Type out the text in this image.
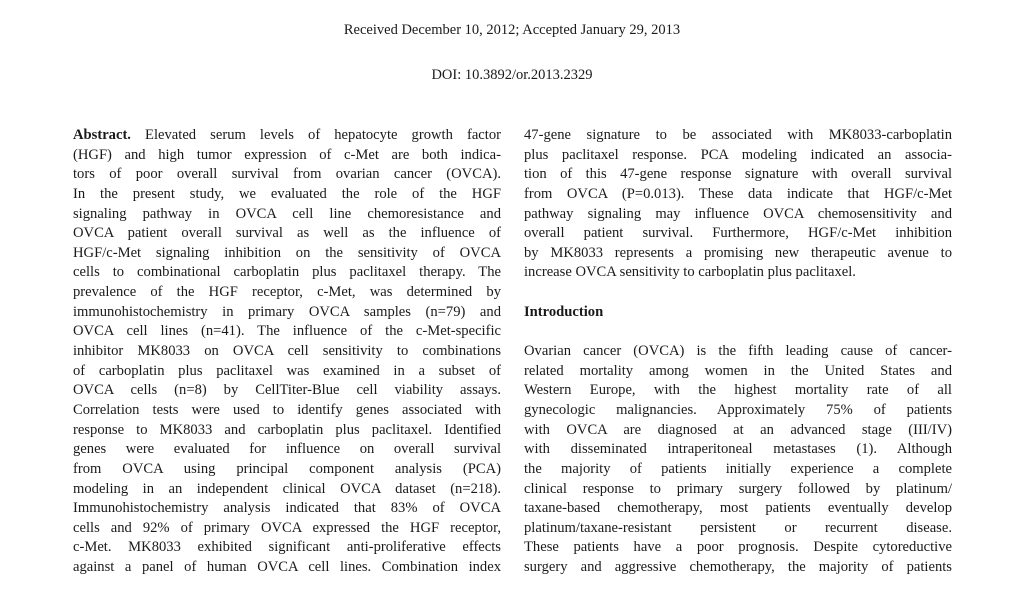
Received December 10, 2012; Accepted January 29, 2013
DOI: 10.3892/or.2013.2329
Abstract. Elevated serum levels of hepatocyte growth factor
(HGF) and high tumor expression of c-Met are both indica-
tors of poor overall survival from ovarian cancer (OVCA).
In the present study, we evaluated the role of the HGF
signaling pathway in OVCA cell line chemoresistance and
OVCA patient overall survival as well as the influence of
HGF/c-Met signaling inhibition on the sensitivity of OVCA
cells to combinational carboplatin plus paclitaxel therapy. The
prevalence of the HGF receptor, c-Met, was determined by
immunohistochemistry in primary OVCA samples (n=79) and
OVCA cell lines (n=41). The influence of the c-Met-specific
inhibitor MK8033 on OVCA cell sensitivity to combinations
of carboplatin plus paclitaxel was examined in a subset of
OVCA cells (n=8) by CellTiter-Blue cell viability assays.
Correlation tests were used to identify genes associated with
response to MK8033 and carboplatin plus paclitaxel. Identified
genes were evaluated for influence on overall survival
from OVCA using principal component analysis (PCA)
modeling in an independent clinical OVCA dataset (n=218).
Immunohistochemistry analysis indicated that 83% of OVCA
cells and 92% of primary OVCA expressed the HGF receptor,
c-Met. MK8033 exhibited significant anti-proliferative effects
against a panel of human OVCA cell lines. Combination index
47-gene signature to be associated with MK8033-carboplatin
plus paclitaxel response. PCA modeling indicated an associa-
tion of this 47-gene response signature with overall survival
from OVCA (P=0.013). These data indicate that HGF/c-Met
pathway signaling may influence OVCA chemosensitivity and
overall patient survival. Furthermore, HGF/c-Met inhibition
by MK8033 represents a promising new therapeutic avenue to
increase OVCA sensitivity to carboplatin plus paclitaxel.
Introduction
Ovarian cancer (OVCA) is the fifth leading cause of cancer-
related mortality among women in the United States and
Western Europe, with the highest mortality rate of all
gynecologic malignancies. Approximately 75% of patients
with OVCA are diagnosed at an advanced stage (III/IV)
with disseminated intraperitoneal metastases (1). Although
the majority of patients initially experience a complete
clinical response to primary surgery followed by platinum/
taxane-based chemotherapy, most patients eventually develop
platinum/taxane-resistant persistent or recurrent disease.
These patients have a poor prognosis. Despite cytoreductive
surgery and aggressive chemotherapy, the majority of patients
